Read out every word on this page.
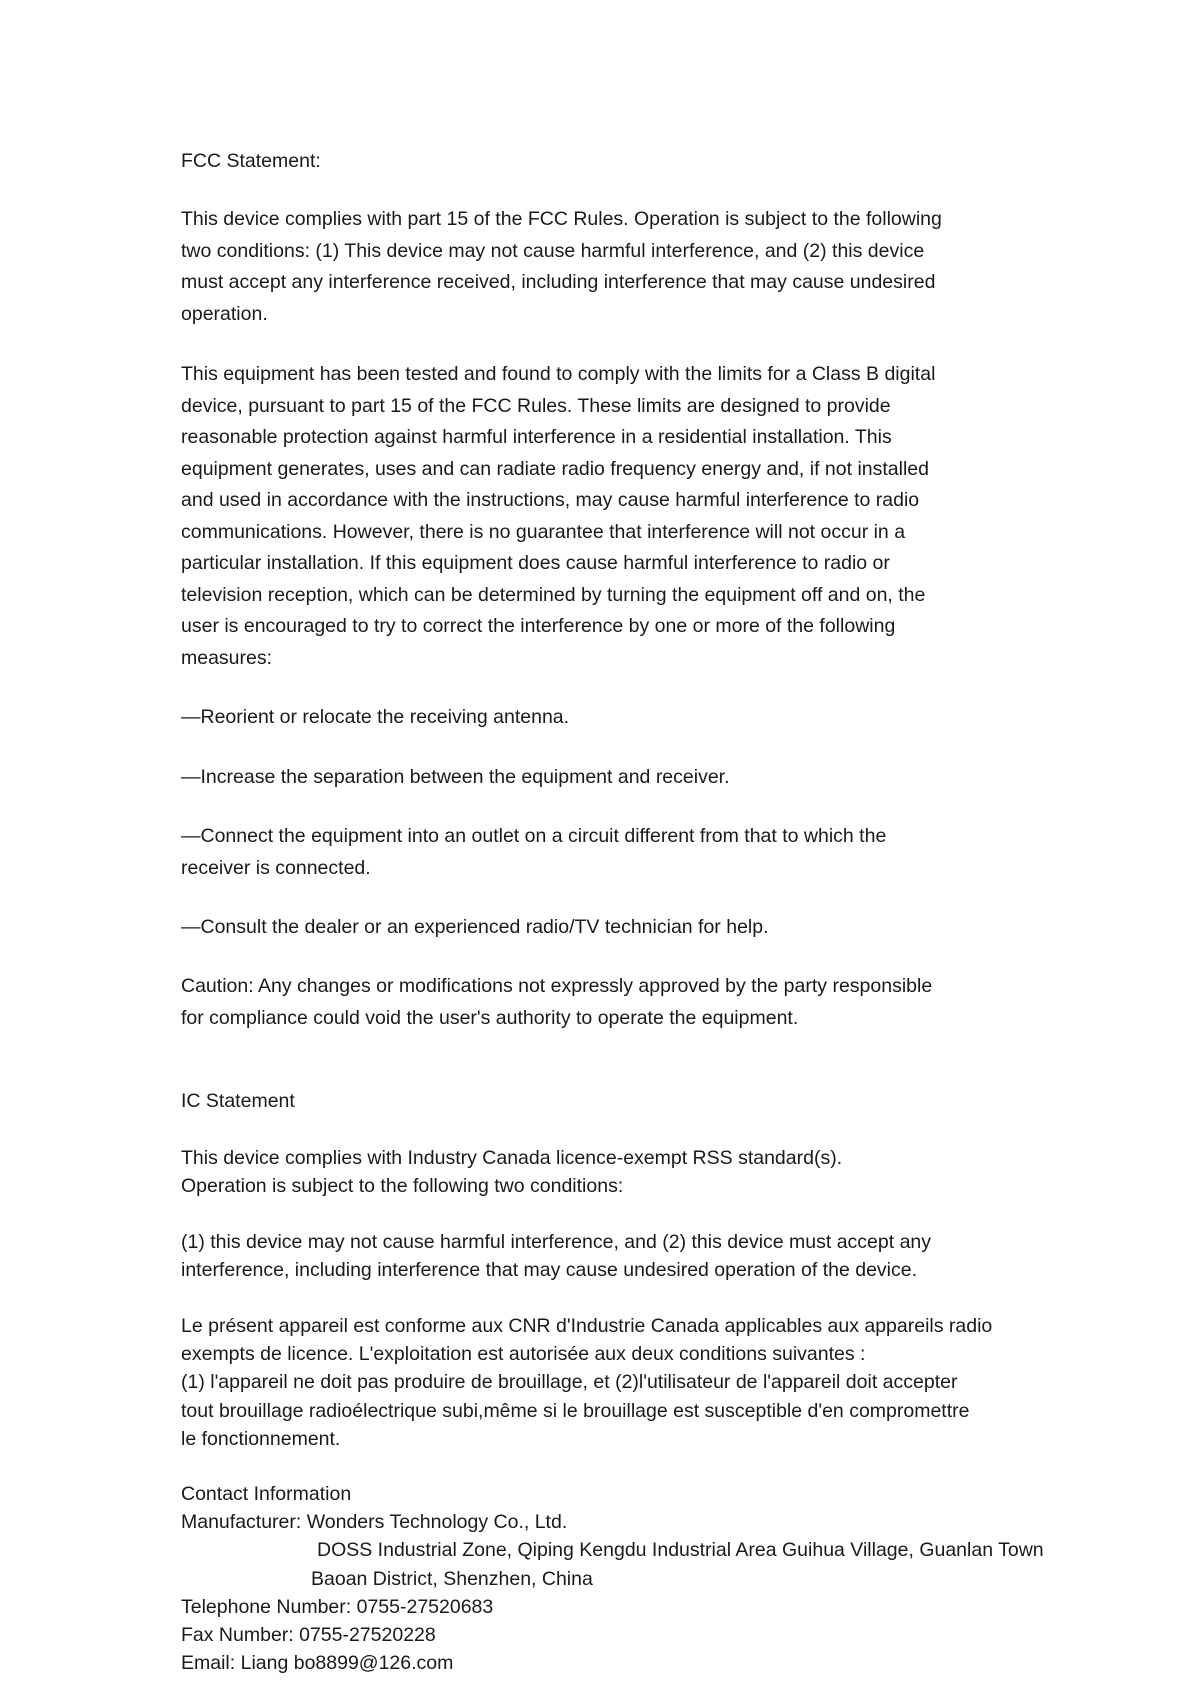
FCC Statement:

This device complies with part 15 of the FCC Rules. Operation is subject to the following

two conditions: (1) This device may not cause harmful interference, and (2) this device

must accept any interference received, including interference that may cause undesired

operation.

This equipment has been tested and found to comply with the limits for a Class B digital

device, pursuant to part 15 of the FCC Rules. These limits are designed to provide

reasonable protection against harmful interference in a residential installation. This

equipment generates, uses and can radiate radio frequency energy and, if not installed

and used in accordance with the instructions, may cause harmful interference to radio

communications. However, there is no guarantee that interference will not occur in a

particular installation. If this equipment does cause harmful interference to radio or

television reception, which can be determined by turning the equipment off and on, the

user is encouraged to try to correct the interference by one or more of the following

measures:

—Reorient or relocate the receiving antenna.

—Increase the separation between the equipment and receiver.

—Connect the equipment into an outlet on a circuit different from that to which the

receiver is connected.

—Consult the dealer or an experienced radio/TV technician for help.

Caution: Any changes or modifications not expressly approved by the party responsible

for compliance could void the user's authority to operate the equipment.

IC Statement

This device complies with Industry Canada licence-exempt RSS standard(s).

Operation is subject to the following two conditions:

(1) this device may not cause harmful interference, and (2) this device must accept any

interference, including interference that may cause undesired operation of the device.

Le présent appareil est conforme aux CNR d'Industrie Canada applicables aux appareils radio

exempts de licence. L'exploitation est autorisée aux deux conditions suivantes :

(1) l'appareil ne doit pas produire de brouillage, et (2)l'utilisateur de l'appareil doit accepter

tout brouillage radioélectrique subi,même si le brouillage est susceptible d'en compromettre

le fonctionnement.

Contact Information

Manufacturer: Wonders Technology Co., Ltd.

DOSS Industrial Zone, Qiping Kengdu Industrial Area Guihua Village, Guanlan Town

Baoan District, Shenzhen, China

Telephone Number: 0755-27520683

Fax Number: 0755-27520228

Email: Liang bo8899@126.com
